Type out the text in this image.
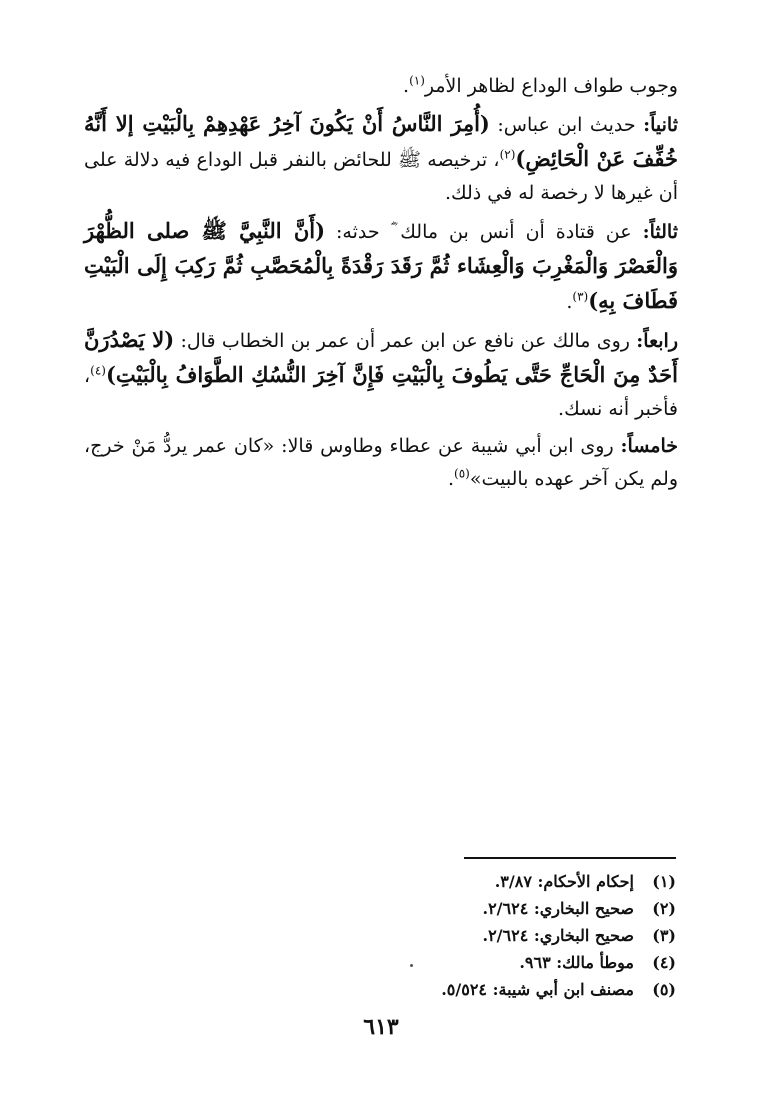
وجوب طواف الوداع لظاهر الأمر$^{(١)}$.

ثانياً: حديث ابن عباس: (أُمِرَ النَّاسُ أَنْ يَكُونَ آخِرُ عَهْدِهِمْ بِالْبَيْتِ إلا أَنَّهُ خُفِّفَ عَنْ الْحَائِضِ)$^{(٢)}$، ترخيصه ﷺ للحائض بالنفر قبل الوداع فيه دلالة على أن غيرها لا رخصة له في ذلك.

ثالثاً: عن قتادة أن أنس بن مالك ؓ حدثه: (أَنَّ النَّبِيَّ ﷺ صلى الظُّهْرَ وَالْعَصْرَ وَالْمَغْرِبَ وَالْعِشَاء ثُمَّ رَقَدَ رَقْدَةً بِالْمُحَصَّبِ ثُمَّ رَكِبَ إِلَى الْبَيْتِ فَطَافَ بِهِ)$^{(٣)}$.

رابعاً: روى مالك عن نافع عن ابن عمر أن عمر بن الخطاب قال: (لا يَصْدُرَنَّ أَحَدٌ مِنَ الْحَاجِّ حَتَّى يَطُوفَ بِالْبَيْتِ فَإِنَّ آخِرَ النُّسُكِ الطَّوَافُ بِالْبَيْتِ)$^{(٤)}$، فأخبر أنه نسك.

خامساً: روى ابن أبي شيبة عن عطاء وطاوس قالا: «كان عمر يردُّ مَنْ خرج، ولم يكن آخر عهده بالبيت»$^{(٥)}$.

(١)إحكام الأحكام: ٣/٨٧.
(٢)صحيح البخاري: ٢/٦٢٤.
(٣)صحيح البخاري: ٢/٦٢٤.
(٤)موطأ مالك: ٩٦٣.
(٥)مصنف ابن أبي شيبة: ٥/٥٢٤.
٦١٣
